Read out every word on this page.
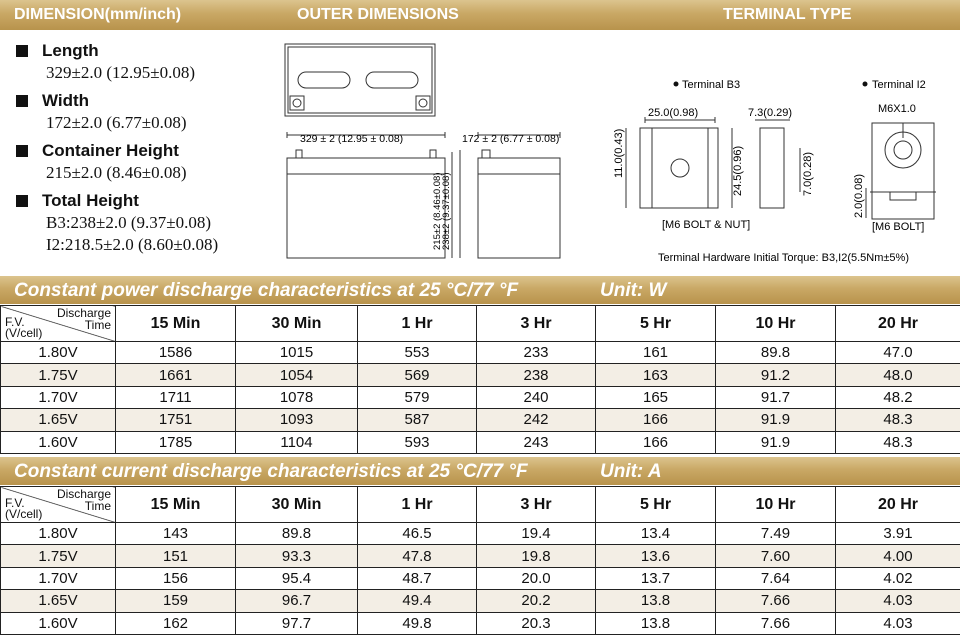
DIMENSION(mm/inch)	OUTER DIMENSIONS	TERMINAL TYPE
Length
329±2.0 (12.95±0.08)
Width
172±2.0 (6.77±0.08)
Container Height
215±2.0 (8.46±0.08)
Total Height
B3:238±2.0 (9.37±0.08)
I2:218.5±2.0 (8.60±0.08)
329 ± 2 (12.95 ± 0.08)	172 ± 2 (6.77 ± 0.08)
215±2 (8.46±0.08)
238±2 (9.37±0.08)
Terminal B3	Terminal I2
25.0(0.98)	7.3(0.29)
11.0(0.43)	24.5(0.96)	7.0(0.28)
[M6 BOLT & NUT]
M6X1.0
2.0(0.08)
[M6 BOLT]
Terminal Hardware Initial Torque: B3,I2(5.5Nm±5%)
Constant power discharge characteristics at 25 °C/77 °F	Unit: W
Discharge
Time
F.V.
(V/cell)	15 Min	30 Min	1 Hr	3 Hr	5 Hr	10 Hr	20 Hr
1.80V	1586	1015	553	233	161	89.8	47.0
1.75V	1661	1054	569	238	163	91.2	48.0
1.70V	1711	1078	579	240	165	91.7	48.2
1.65V	1751	1093	587	242	166	91.9	48.3
1.60V	1785	1104	593	243	166	91.9	48.3
Constant current discharge characteristics at 25 °C/77 °F	Unit: A
Discharge
Time
F.V.
(V/cell)	15 Min	30 Min	1 Hr	3 Hr	5 Hr	10 Hr	20 Hr
1.80V	143	89.8	46.5	19.4	13.4	7.49	3.91
1.75V	151	93.3	47.8	19.8	13.6	7.60	4.00
1.70V	156	95.4	48.7	20.0	13.7	7.64	4.02
1.65V	159	96.7	49.4	20.2	13.8	7.66	4.03
1.60V	162	97.7	49.8	20.3	13.8	7.66	4.03
